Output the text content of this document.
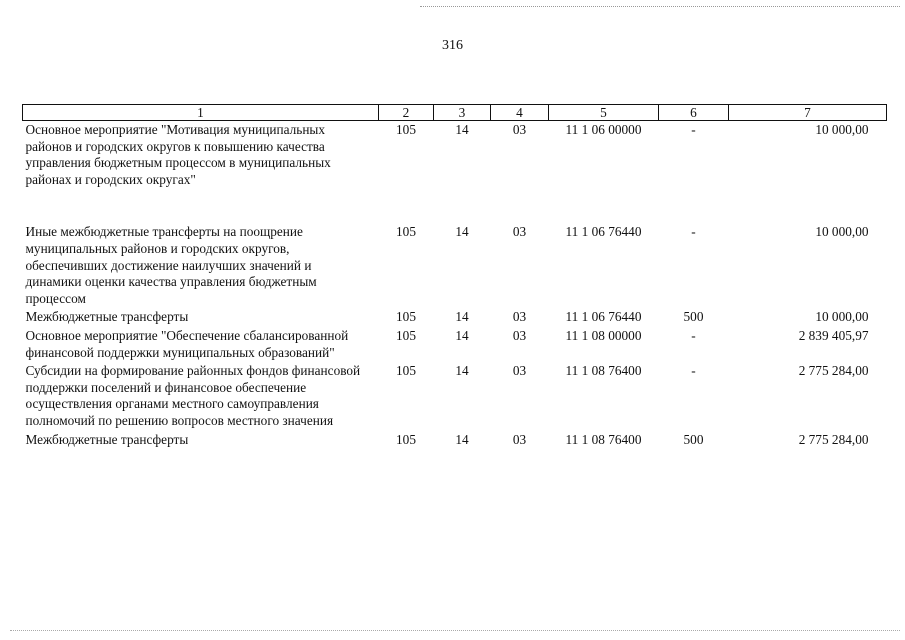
316
1	2	3	4	5	6	7
Основное мероприятие "Мотивация муниципальных районов и городских округов к повышению качества управления бюджетным процессом в муниципальных районах и городских округах"	105	14	03	11 1 06 00000	-	10 000,00
Иные межбюджетные трансферты на поощрение муниципальных районов и городских округов, обеспечивших достижение наилучших значений и динамики оценки качества управления бюджетным процессом	105	14	03	11 1 06 76440	-	10 000,00
Межбюджетные трансферты	105	14	03	11 1 06 76440	500	10 000,00
Основное мероприятие "Обеспечение сбалансированной финансовой поддержки муниципальных образований"	105	14	03	11 1 08 00000	-	2 839 405,97
Субсидии на формирование районных фондов финансовой поддержки поселений и финансовое обеспечение осуществления органами местного самоуправления полномочий по решению вопросов местного значения	105	14	03	11 1 08 76400	-	2 775 284,00
Межбюджетные трансферты	105	14	03	11 1 08 76400	500	2 775 284,00
